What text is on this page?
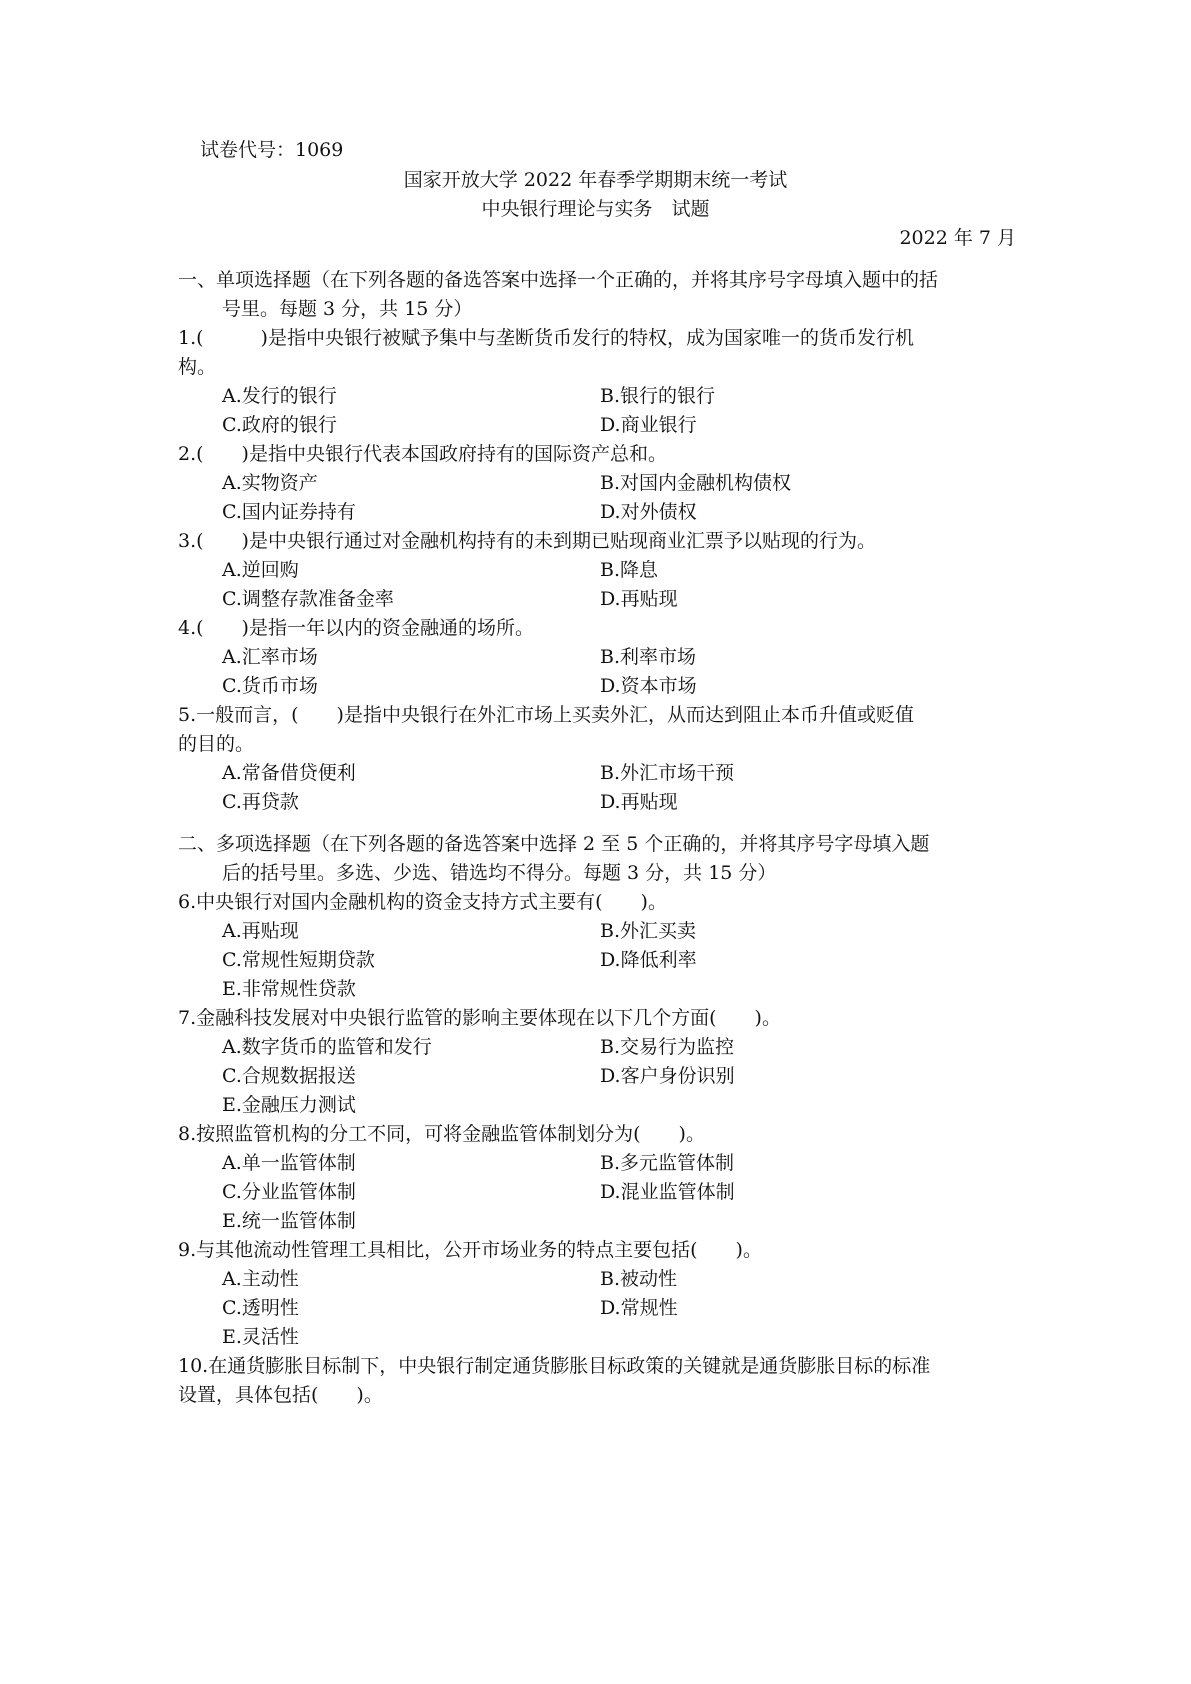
试卷代号：1069
国家开放大学 2022 年春季学期期末统一考试
中央银行理论与实务　试题
2022 年 7 月
一、单项选择题（在下列各题的备选答案中选择一个正确的，并将其序号字母填入题中的括
号里。每题 3 分，共 15 分）
1.(　　　)是指中央银行被赋予集中与垄断货币发行的特权，成为国家唯一的货币发行机
构。
A.发行的银行	B.银行的银行
C.政府的银行	D.商业银行
2.(　　)是指中央银行代表本国政府持有的国际资产总和。
A.实物资产	B.对国内金融机构债权
C.国内证券持有	D.对外债权
3.(　　)是中央银行通过对金融机构持有的未到期已贴现商业汇票予以贴现的行为。
A.逆回购	B.降息
C.调整存款准备金率	D.再贴现
4.(　　)是指一年以内的资金融通的场所。
A.汇率市场	B.利率市场
C.货币市场	D.资本市场
5.一般而言，(　　)是指中央银行在外汇市场上买卖外汇，从而达到阻止本币升值或贬值
的目的。
A.常备借贷便利	B.外汇市场干预
C.再贷款	D.再贴现
二、多项选择题（在下列各题的备选答案中选择 2 至 5 个正确的，并将其序号字母填入题
后的括号里。多选、少选、错选均不得分。每题 3 分，共 15 分）
6.中央银行对国内金融机构的资金支持方式主要有(　　)。
A.再贴现	B.外汇买卖
C.常规性短期贷款	D.降低利率
E.非常规性贷款
7.金融科技发展对中央银行监管的影响主要体现在以下几个方面(　　)。
A.数字货币的监管和发行	B.交易行为监控
C.合规数据报送	D.客户身份识别
E.金融压力测试
8.按照监管机构的分工不同，可将金融监管体制划分为(　　)。
A.单一监管体制	B.多元监管体制
C.分业监管体制	D.混业监管体制
E.统一监管体制
9.与其他流动性管理工具相比，公开市场业务的特点主要包括(　　)。
A.主动性	B.被动性
C.透明性	D.常规性
E.灵活性
10.在通货膨胀目标制下，中央银行制定通货膨胀目标政策的关键就是通货膨胀目标的标准
设置，具体包括(　　)。
